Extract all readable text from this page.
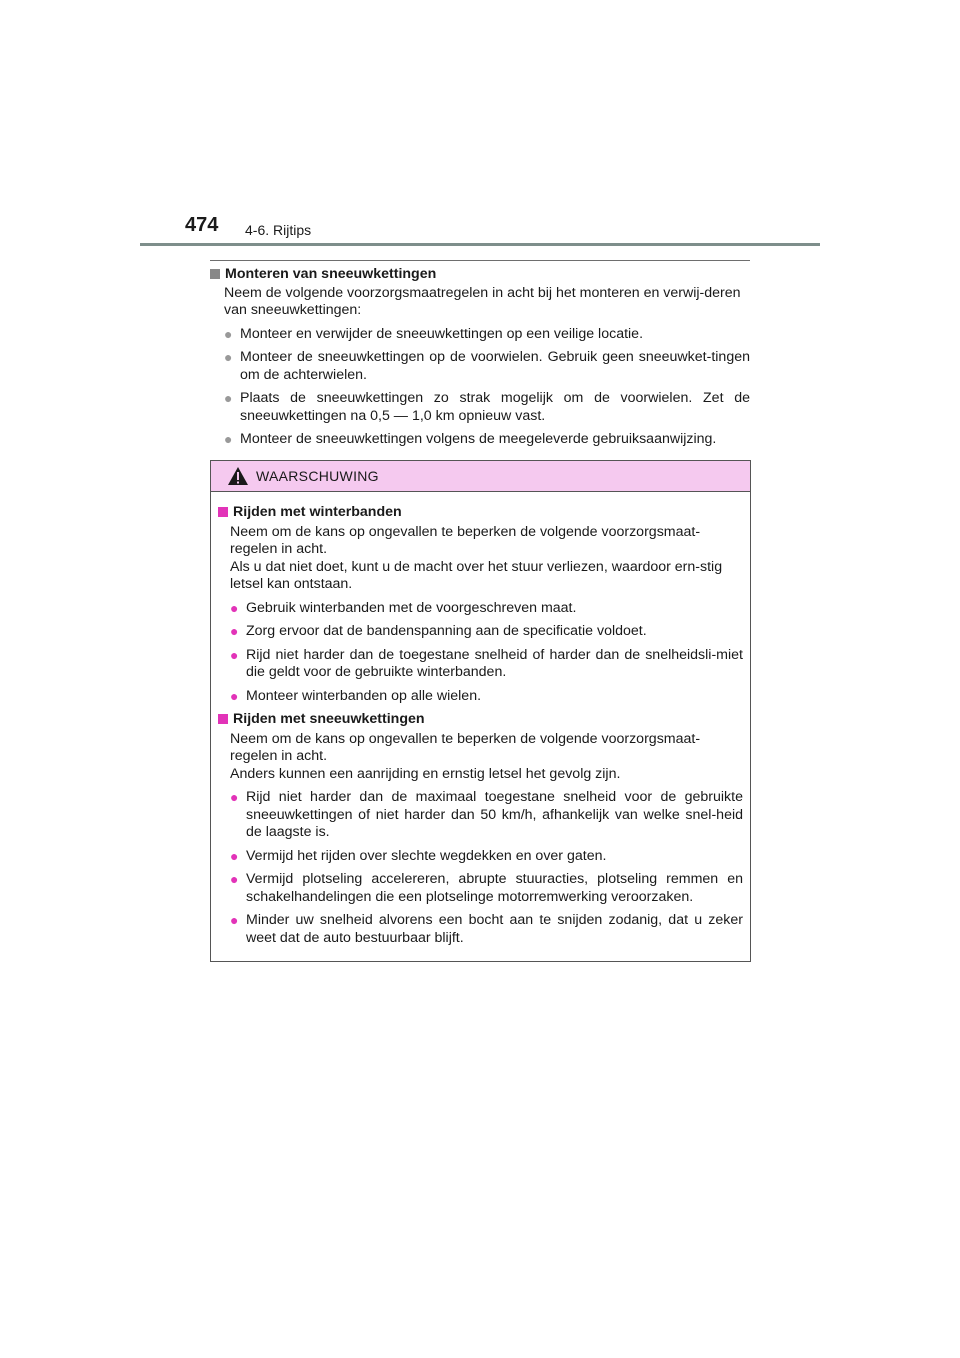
474 4-6. Rijtips
Monteren van sneeuwkettingen
Neem de volgende voorzorgsmaatregelen in acht bij het monteren en verwij-deren van sneeuwkettingen:
● Monteer en verwijder de sneeuwkettingen op een veilige locatie.
● Monteer de sneeuwkettingen op de voorwielen. Gebruik geen sneeuwket-tingen om de achterwielen.
● Plaats de sneeuwkettingen zo strak mogelijk om de voorwielen. Zet de sneeuwkettingen na 0,5 — 1,0 km opnieuw vast.
● Monteer de sneeuwkettingen volgens de meegeleverde gebruiksaanwijzing.
WAARSCHUWING
Rijden met winterbanden
Neem om de kans op ongevallen te beperken de volgende voorzorgsmaat-regelen in acht.
Als u dat niet doet, kunt u de macht over het stuur verliezen, waardoor ern-stig letsel kan ontstaan.
● Gebruik winterbanden met de voorgeschreven maat.
● Zorg ervoor dat de bandenspanning aan de specificatie voldoet.
● Rijd niet harder dan de toegestane snelheid of harder dan de snelheidsli-miet die geldt voor de gebruikte winterbanden.
● Monteer winterbanden op alle wielen.
Rijden met sneeuwkettingen
Neem om de kans op ongevallen te beperken de volgende voorzorgsmaat-regelen in acht.
Anders kunnen een aanrijding en ernstig letsel het gevolg zijn.
● Rijd niet harder dan de maximaal toegestane snelheid voor de gebruikte sneeuwkettingen of niet harder dan 50 km/h, afhankelijk van welke snel-heid de laagste is.
● Vermijd het rijden over slechte wegdekken en over gaten.
● Vermijd plotseling accelereren, abrupte stuuracties, plotseling remmen en schakelhandelingen die een plotselinge motorremwerking veroorzaken.
● Minder uw snelheid alvorens een bocht aan te snijden zodanig, dat u zeker weet dat de auto bestuurbaar blijft.
